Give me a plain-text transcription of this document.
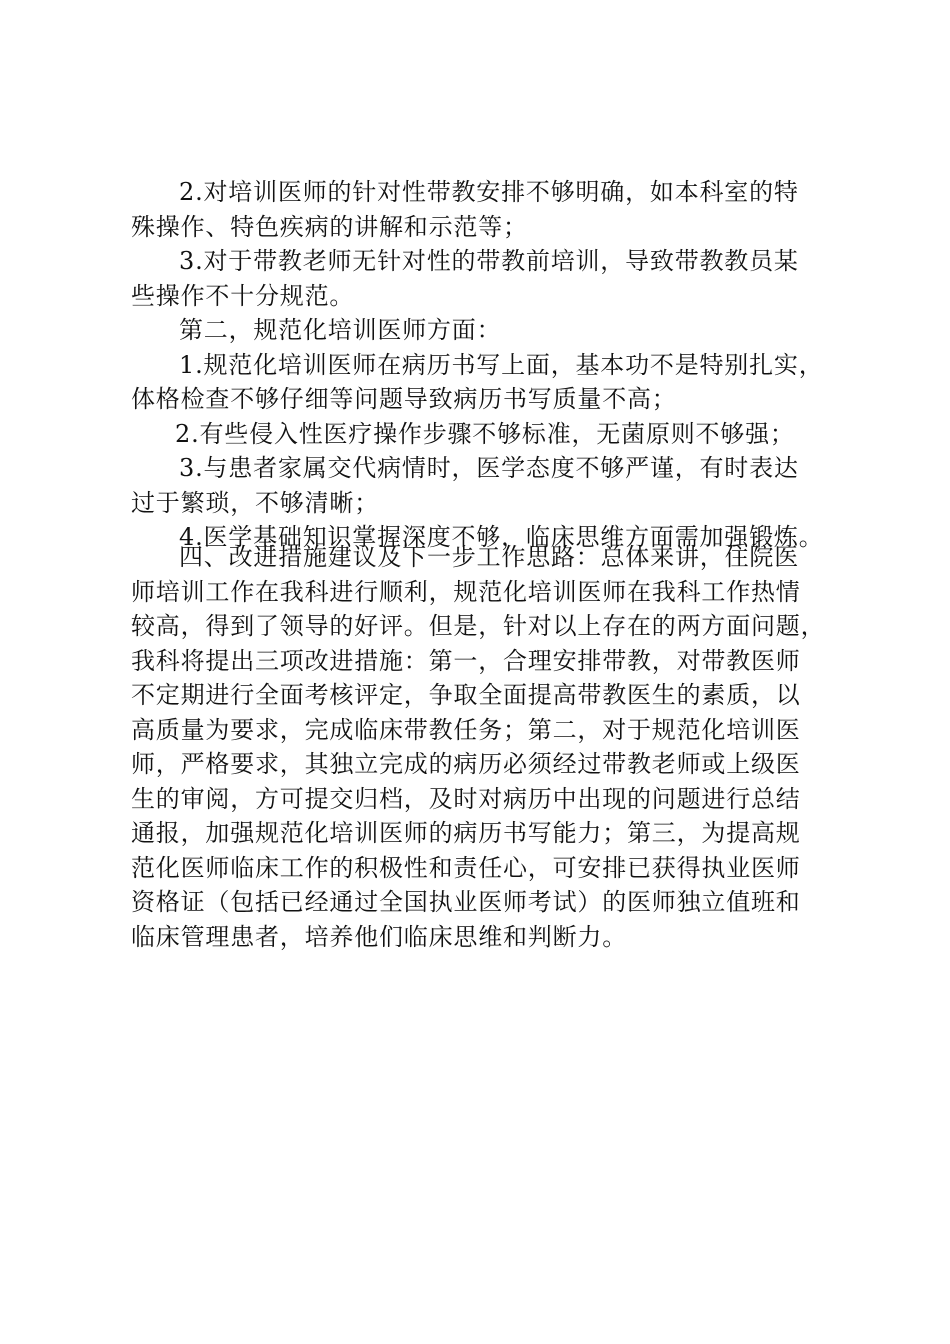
2.对培训医师的针对性带教安排不够明确，如本科室的特
殊操作、特色疾病的讲解和示范等；
3.对于带教老师无针对性的带教前培训，导致带教教员某
些操作不十分规范。
第二，规范化培训医师方面：
1.规范化培训医师在病历书写上面，基本功不是特别扎实，
体格检查不够仔细等问题导致病历书写质量不高；
2.有些侵入性医疗操作步骤不够标准，无菌原则不够强；
3.与患者家属交代病情时，医学态度不够严谨，有时表达
过于繁琐，不够清晰；
4.医学基础知识掌握深度不够，临床思维方面需加强锻炼。
四、改进措施建议及下一步工作思路：总体来讲，住院医
师培训工作在我科进行顺利，规范化培训医师在我科工作热情
较高，得到了领导的好评。但是，针对以上存在的两方面问题，
我科将提出三项改进措施：第一，合理安排带教，对带教医师
不定期进行全面考核评定，争取全面提高带教医生的素质，以
高质量为要求，完成临床带教任务；第二，对于规范化培训医
师，严格要求，其独立完成的病历必须经过带教老师或上级医
生的审阅，方可提交归档，及时对病历中出现的问题进行总结
通报，加强规范化培训医师的病历书写能力；第三，为提高规
范化医师临床工作的积极性和责任心，可安排已获得执业医师
资格证（包括已经通过全国执业医师考试）的医师独立值班和
临床管理患者，培养他们临床思维和判断力。
